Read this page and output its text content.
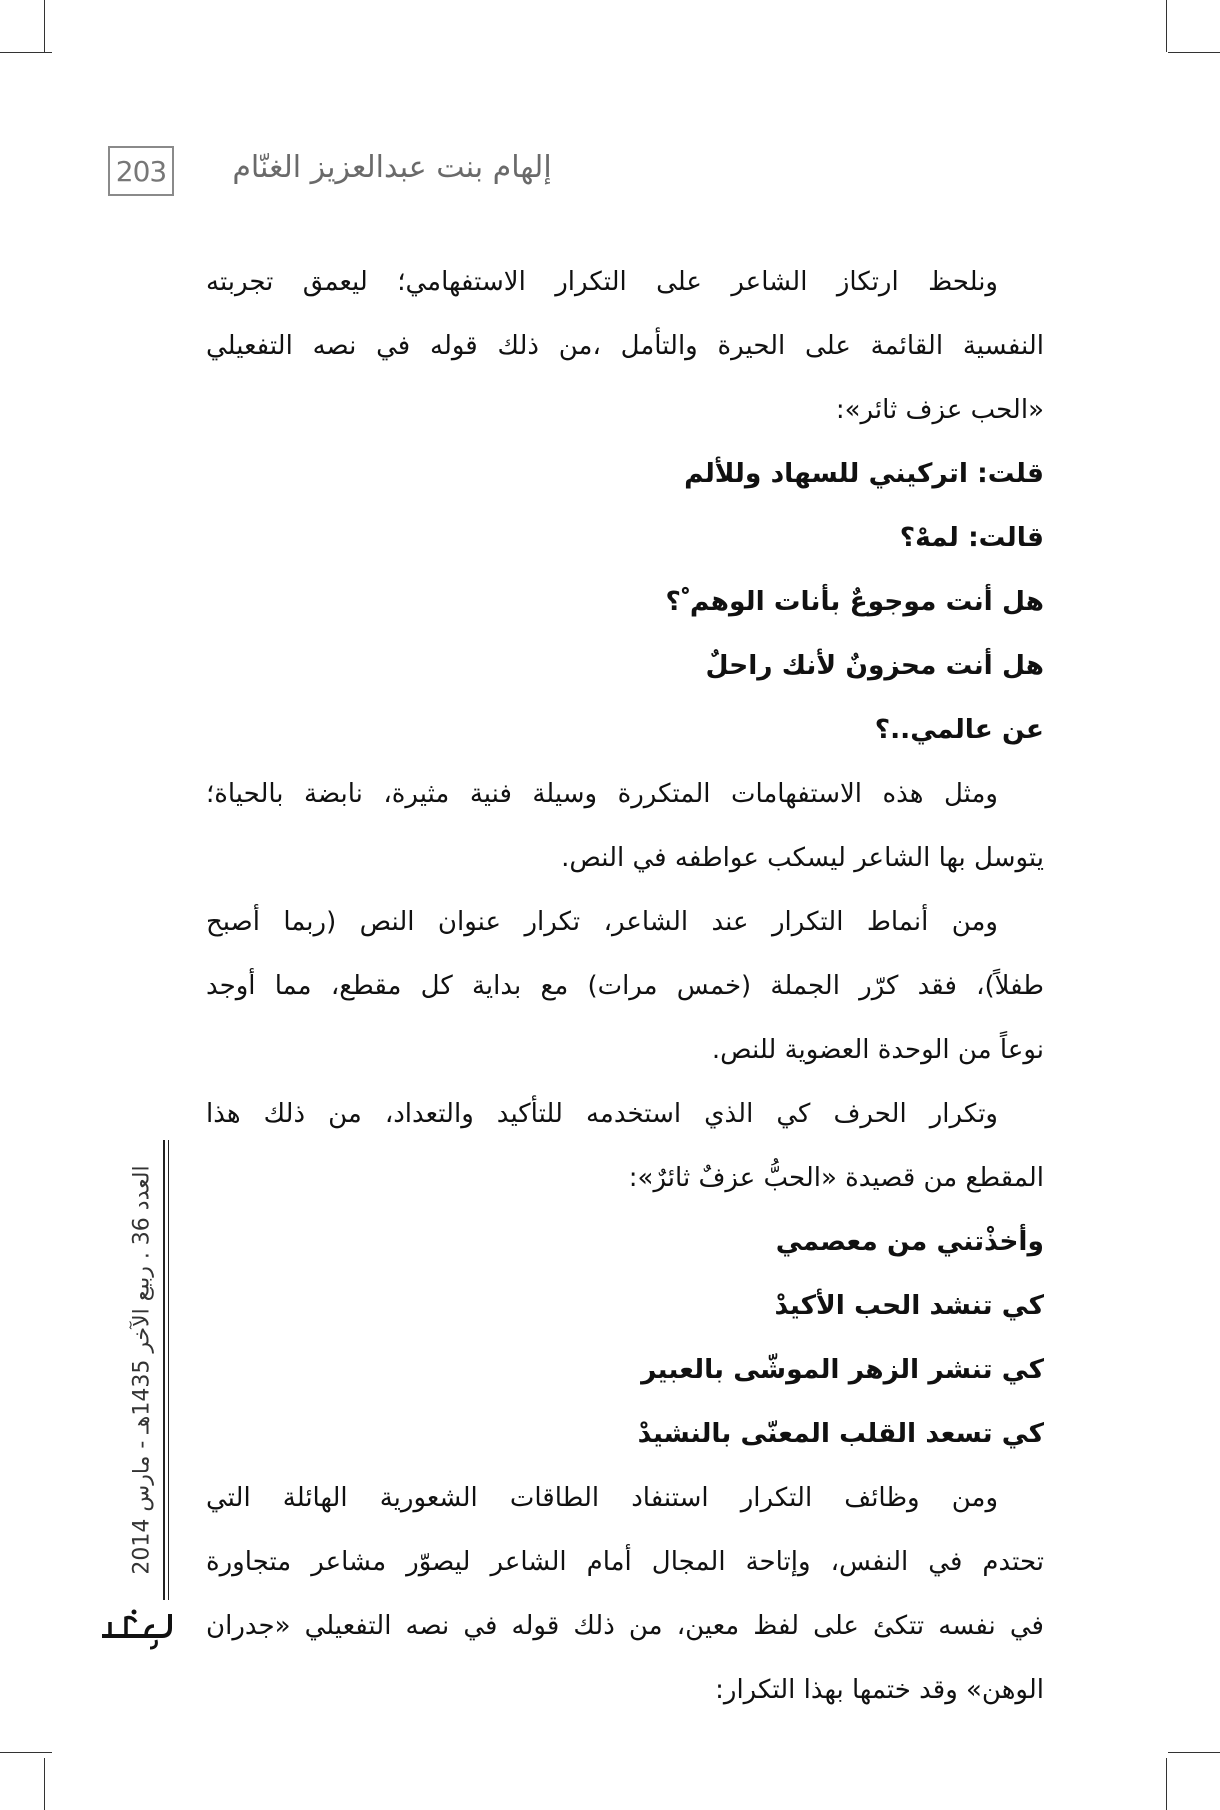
203	إلهام بنت عبدالعزيز الغنّام
ونلحظ ارتكاز الشاعر على التكرار الاستفهامي؛ ليعمق تجربته
النفسية القائمة على الحيرة والتأمل ،من ذلك قوله في نصه التفعيلي
«الحب عزف ثائر»:
قلت: اتركيني للسهاد وللألم
قالت: لمهْ؟
هل أنت موجوعٌ بأنات الوهم ْ؟
هل أنت محزونٌ لأنك راحلٌ
عن عالمي..؟
ومثل هذه الاستفهامات المتكررة وسيلة فنية مثيرة، نابضة بالحياة؛
يتوسل بها الشاعر ليسكب عواطفه في النص.
ومن أنماط التكرار عند الشاعر، تكرار عنوان النص (ربما أصبح
طفلاً)، فقد كرّر الجملة (خمس مرات) مع بداية كل مقطع، مما أوجد
نوعاً من الوحدة العضوية للنص.
وتكرار الحرف كي الذي استخدمه للتأكيد والتعداد، من ذلك هذا
المقطع من قصيدة «الحبُّ عزفٌ ثائرٌ»:
وأخذْتني من معصمي
كي تنشد الحب الأكيدْ
كي تنشر الزهر الموشّى بالعبير
كي تسعد القلب المعنّى بالنشيدْ
ومن وظائف التكرار استنفاد الطاقات الشعورية الهائلة التي
تحتدم في النفس، وإتاحة المجال أمام الشاعر ليصوّر مشاعر متجاورة
في نفسه تتكئ على لفظ معين، من ذلك قوله في نصه التفعيلي «جدران
الوهن» وقد ختمها بهذا التكرار:
العدد 36 . ربيع الآخر 1435هـ - مارس 2014
